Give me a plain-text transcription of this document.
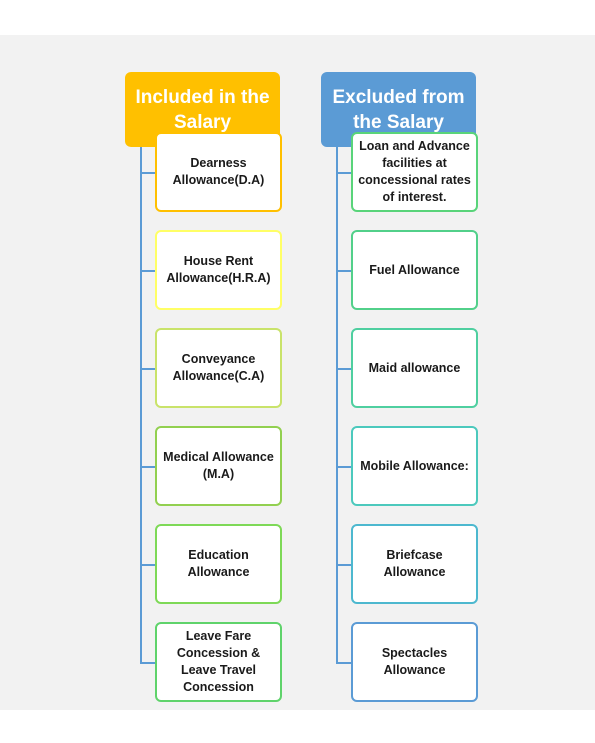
Included in the Salary
Excluded from the Salary
Dearness Allowance(D.A)
House Rent Allowance(H.R.A)
Conveyance Allowance(C.A)
Medical Allowance (M.A)
Education Allowance
Leave Fare Concession & Leave Travel Concession
Loan and Advance facilities at concessional rates of interest.
Fuel Allowance
Maid allowance
Mobile Allowance:
Briefcase Allowance
Spectacles Allowance
